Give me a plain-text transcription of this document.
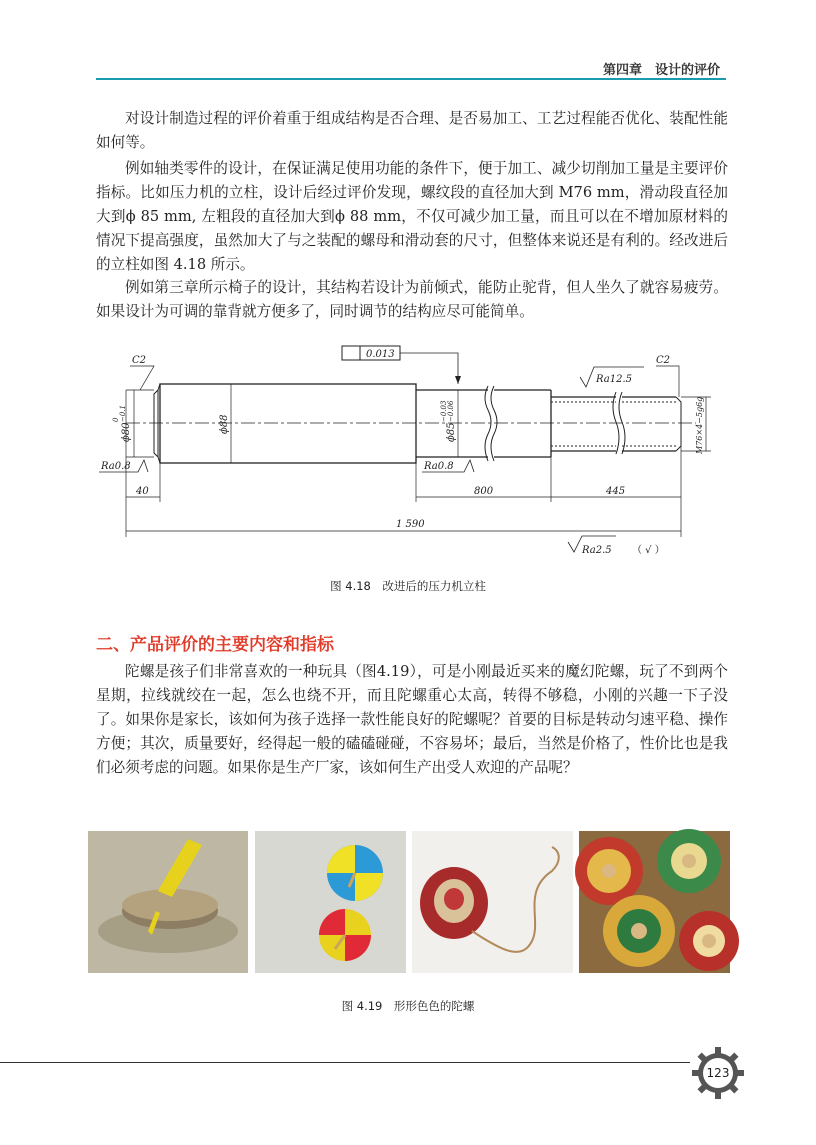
第四章　设计的评价

对设计制造过程的评价着重于组成结构是否合理、是否易加工、工艺过程能否优化、装配性能如何等。

例如轴类零件的设计，在保证满足使用功能的条件下，便于加工、减少切削加工量是主要评价指标。比如压力机的立柱，设计后经过评价发现，螺纹段的直径加大到 M76 mm，滑动段直径加大到ϕ 85 mm, 左粗段的直径加大到ϕ 88 mm，不仅可减少加工量，而且可以在不增加原材料的情况下提高强度，虽然加大了与之装配的螺母和滑动套的尺寸，但整体来说还是有利的。经改进后的立柱如图 4.18 所示。

例如第三章所示椅子的设计，其结构若设计为前倾式，能防止驼背，但人坐久了就容易疲劳。如果设计为可调的靠背就方便多了，同时调节的结构应尽可能简单。

0.013
C2	C2
Ra12.5
Ra0.8	Ra0.8
Ra2.5 （ √ ）
40	800	445
1 590
ϕ80
0 −0.1
ϕ88	ϕ85
−0.03 −0.06	M76×4−5g6g
图 4.18　改进后的压力机立柱
二、产品评价的主要内容和指标

陀螺是孩子们非常喜欢的一种玩具（图4.19），可是小刚最近买来的魔幻陀螺，玩了不到两个星期，拉线就绞在一起，怎么也绕不开，而且陀螺重心太高，转得不够稳，小刚的兴趣一下子没了。如果你是家长，该如何为孩子选择一款性能良好的陀螺呢？首要的目标是转动匀速平稳、操作方便；其次，质量要好，经得起一般的磕磕碰碰，不容易坏；最后，当然是价格了，性价比也是我们必须考虑的问题。如果你是生产厂家，该如何生产出受人欢迎的产品呢？

图 4.19　形形色色的陀螺
123
